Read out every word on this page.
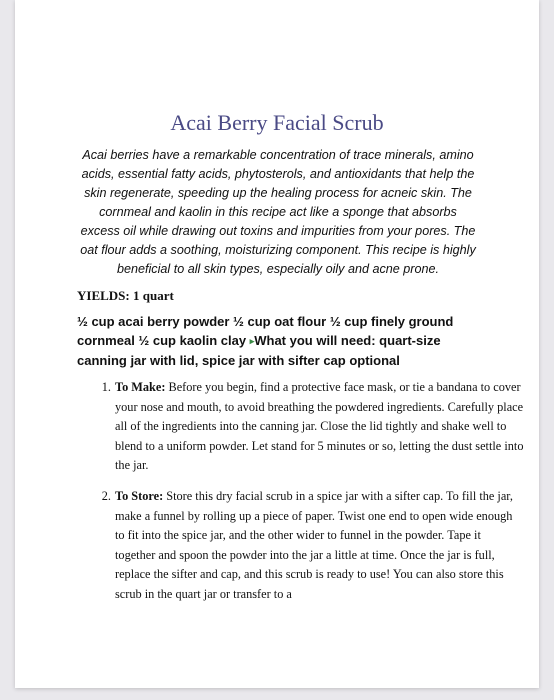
Acai Berry Facial Scrub

Acai berries have a remarkable concentration of trace minerals, amino acids, essential fatty acids, phytosterols, and antioxidants that help the skin regenerate, speeding up the healing process for acneic skin. The cornmeal and kaolin in this recipe act like a sponge that absorbs excess oil while drawing out toxins and impurities from your pores. The oat flour adds a soothing, moisturizing component. This recipe is highly beneficial to all skin types, especially oily and acne prone.

YIELDS: 1 quart

½ cup acai berry powder ½ cup oat flour ½ cup finely ground cornmeal ½ cup kaolin clay ▸What you will need: quart-size canning jar with lid, spice jar with sifter cap optional

1. To Make: Before you begin, find a protective face mask, or tie a bandana to cover your nose and mouth, to avoid breathing the powdered ingredients. Carefully place all of the ingredients into the canning jar. Close the lid tightly and shake well to blend to a uniform powder. Let stand for 5 minutes or so, letting the dust settle into the jar.
2. To Store: Store this dry facial scrub in a spice jar with a sifter cap. To fill the jar, make a funnel by rolling up a piece of paper. Twist one end to open wide enough to fit into the spice jar, and the other wider to funnel in the powder. Tape it together and spoon the powder into the jar a little at time. Once the jar is full, replace the sifter and cap, and this scrub is ready to use! You can also store this scrub in the quart jar or transfer to a
